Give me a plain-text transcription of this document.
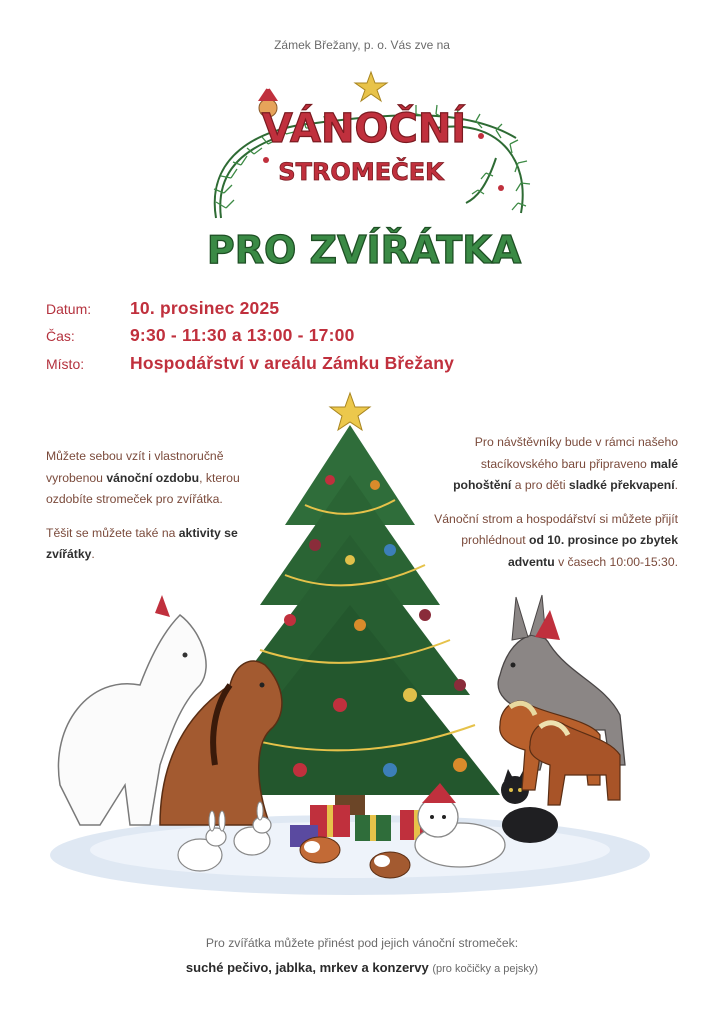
Zámek Břežany, p. o. Vás zve na
VÁNOČNÍ
STROMEČEK
PRO ZVÍŘÁTKA
Datum: 10. prosinec 2025
Čas:	9:30 - 11:30 a 13:00 - 17:00
Místo:	Hospodářství v areálu Zámku Břežany

Můžete sebou vzít i vlastnoručně vyrobenou vánoční ozdobu, kterou ozdobíte stromeček pro zvířátka.

Těšit se můžete také na aktivity se zvířátky.

Pro návštěvníky bude v rámci našeho stacíkovského baru připraveno malé pohoštění a pro děti sladké překvapení.

Vánoční strom a hospodářství si můžete přijít prohlédnout od 10. prosince po zbytek adventu v časech 10:00-15:30.

Pro zvířátka můžete přinést pod jejich vánoční stromeček:
suché pečivo, jablka, mrkev a konzervy (pro kočičky a pejsky)
